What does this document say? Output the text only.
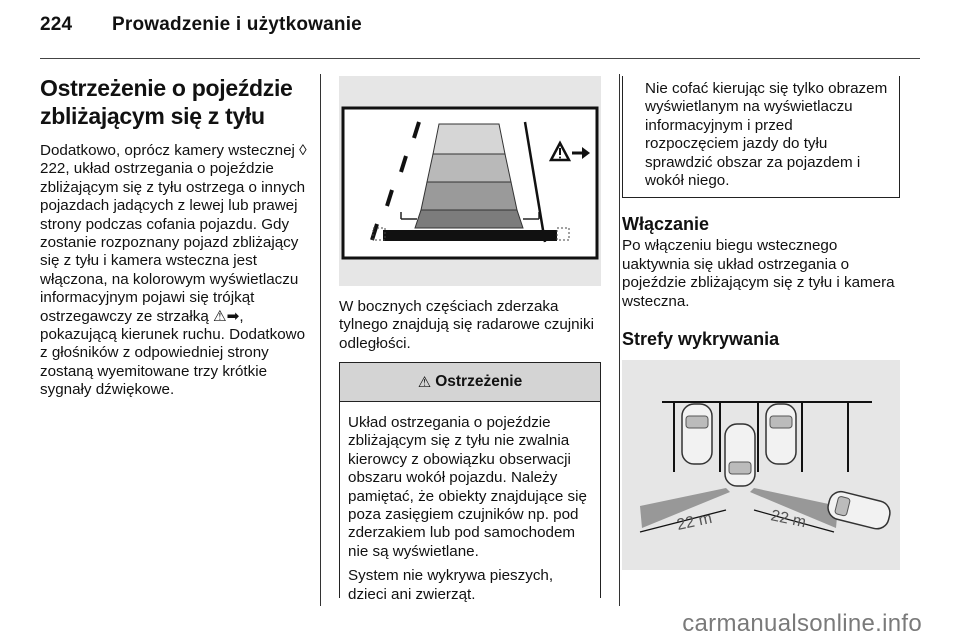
224 Prowadzenie i użytkowanie
Ostrzeżenie o pojeździe zbliżającym się z tyłu

Dodatkowo, oprócz kamery wstecznej ◊ 222, układ ostrzegania o pojeździe zbliżającym się z tyłu ostrzega o innych pojazdach jadących z lewej lub prawej strony podczas cofania pojazdu. Gdy zostanie rozpoznany pojazd zbliżający się z tyłu i kamera wsteczna jest włączona, na kolorowym wyświetlaczu informacyjnym pojawi się trójkąt ostrzegawczy ze strzałką ⚠➡, pokazującą kierunek ruchu. Dodatkowo z głośników z odpowiedniej strony zostaną wyemitowane trzy krótkie sygnały dźwiękowe.

W bocznych częściach zderzaka tylnego znajdują się radarowe czujniki odległości.

⚠ Ostrzeżenie

Układ ostrzegania o pojeździe zbliżającym się z tyłu nie zwalnia kierowcy z obowiązku obserwacji obszaru wokół pojazdu. Należy pamiętać, że obiekty znajdujące się poza zasięgiem czujników np. pod zderzakiem lub pod samochodem nie są wyświetlane.

System nie wykrywa pieszych, dzieci ani zwierząt.

Nie cofać kierując się tylko obrazem wyświetlanym na wyświetlaczu informacyjnym i przed rozpoczęciem jazdy do tyłu sprawdzić obszar za pojazdem i wokół niego.
Włączanie

Po włączeniu biegu wstecznego uaktywnia się układ ostrzegania o pojeździe zbliżającym się z tyłu i kamera wsteczna.

Strefy wykrywania
22 m	22 m
carmanualsonline.info
